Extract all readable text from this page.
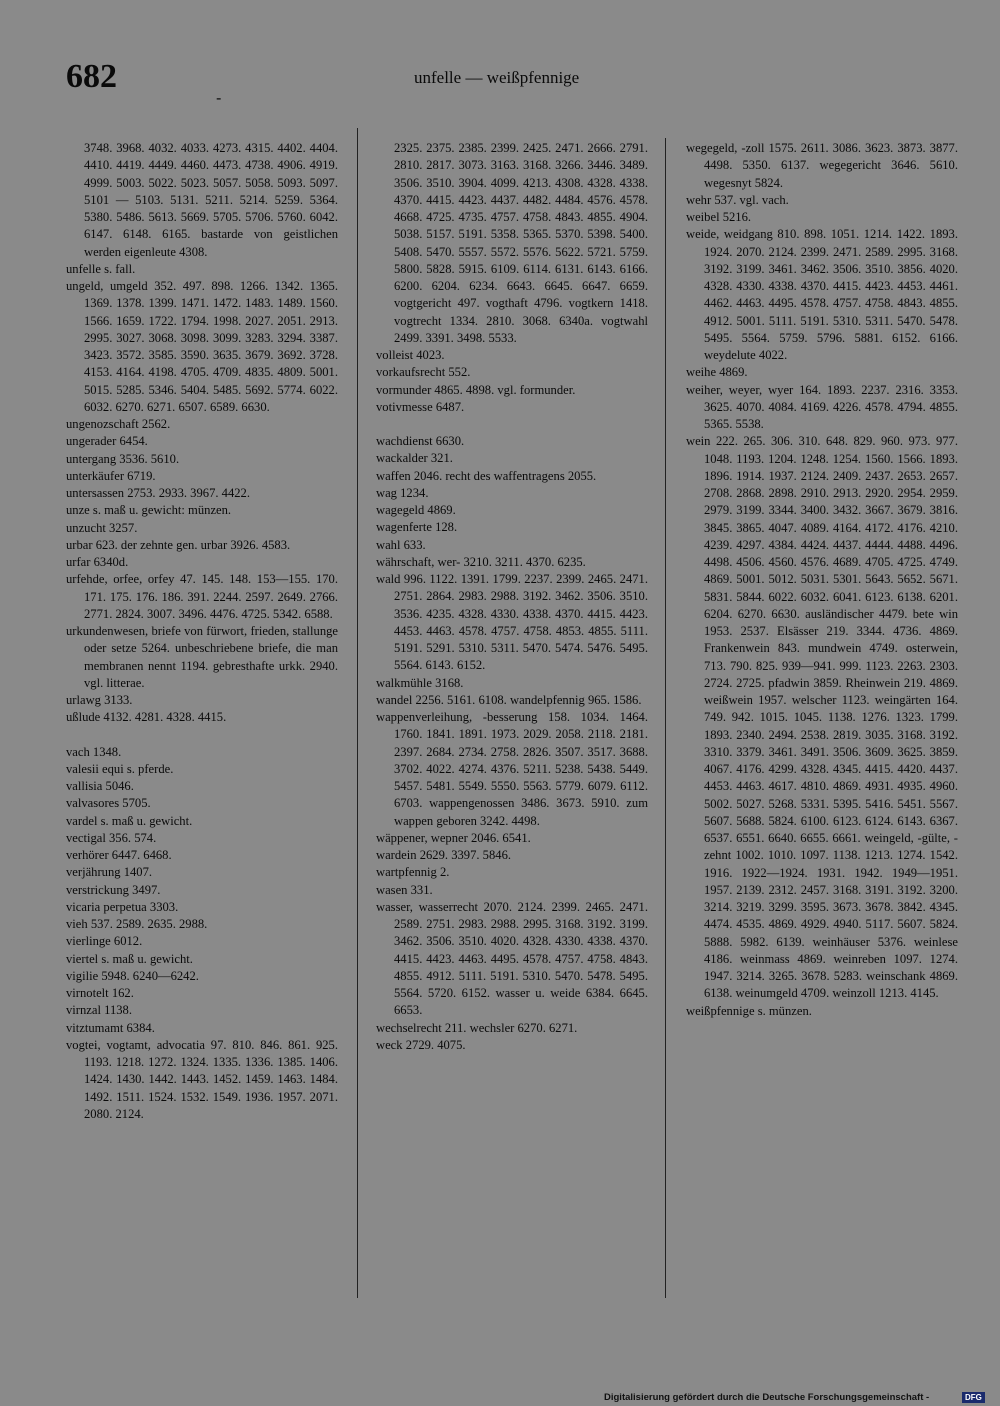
682	unfelle — weißpfennige
-

3748. 3968. 4032. 4033. 4273. 4315. 4402. 4404. 4410. 4419. 4449. 4460. 4473. 4738. 4906. 4919. 4999. 5003. 5022. 5023. 5057. 5058. 5093. 5097. 5101 — 5103. 5131. 5211. 5214. 5259. 5364. 5380. 5486. 5613. 5669. 5705. 5706. 5760. 6042. 6147. 6148. 6165. bastarde von geistlichen werden eigenleute 4308.

unfelle s. fall.

ungeld, umgeld 352. 497. 898. 1266. 1342. 1365. 1369. 1378. 1399. 1471. 1472. 1483. 1489. 1560. 1566. 1659. 1722. 1794. 1998. 2027. 2051. 2913. 2995. 3027. 3068. 3098. 3099. 3283. 3294. 3387. 3423. 3572. 3585. 3590. 3635. 3679. 3692. 3728. 4153. 4164. 4198. 4705. 4709. 4835. 4809. 5001. 5015. 5285. 5346. 5404. 5485. 5692. 5774. 6022. 6032. 6270. 6271. 6507. 6589. 6630.

ungenozschaft 2562.

ungerader 6454.

untergang 3536. 5610.

unterkäufer 6719.

untersassen 2753. 2933. 3967. 4422.

unze s. maß u. gewicht: münzen.

unzucht 3257.

urbar 623. der zehnte gen. urbar 3926. 4583.

urfar 6340d.

urfehde, orfee, orfey 47. 145. 148. 153—155. 170. 171. 175. 176. 186. 391. 2244. 2597. 2649. 2766. 2771. 2824. 3007. 3496. 4476. 4725. 5342. 6588.

urkundenwesen, briefe von fürwort, frieden, stallunge oder setze 5264. unbeschriebene briefe, die man membranen nennt 1194. gebresthafte urkk. 2940. vgl. litterae.

urlawg 3133.

ußlude 4132. 4281. 4328. 4415.

vach 1348.

valesii equi s. pferde.

vallisia 5046.

valvasores 5705.

vardel s. maß u. gewicht.

vectigal 356. 574.

verhörer 6447. 6468.

verjährung 1407.

verstrickung 3497.

vicaria perpetua 3303.

vieh 537. 2589. 2635. 2988.

vierlinge 6012.

viertel s. maß u. gewicht.

vigilie 5948. 6240—6242.

virnotelt 162.

virnzal 1138.

vitztumamt 6384.

vogtei, vogtamt, advocatia 97. 810. 846. 861. 925. 1193. 1218. 1272. 1324. 1335. 1336. 1385. 1406. 1424. 1430. 1442. 1443. 1452. 1459. 1463. 1484. 1492. 1511. 1524. 1532. 1549. 1936. 1957. 2071. 2080. 2124.

2325. 2375. 2385. 2399. 2425. 2471. 2666. 2791. 2810. 2817. 3073. 3163. 3168. 3266. 3446. 3489. 3506. 3510. 3904. 4099. 4213. 4308. 4328. 4338. 4370. 4415. 4423. 4437. 4482. 4484. 4576. 4578. 4668. 4725. 4735. 4757. 4758. 4843. 4855. 4904. 5038. 5157. 5191. 5358. 5365. 5370. 5398. 5400. 5408. 5470. 5557. 5572. 5576. 5622. 5721. 5759. 5800. 5828. 5915. 6109. 6114. 6131. 6143. 6166. 6200. 6204. 6234. 6643. 6645. 6647. 6659. vogtgericht 497. vogthaft 4796. vogtkern 1418. vogtrecht 1334. 2810. 3068. 6340a. vogtwahl 2499. 3391. 3498. 5533.

volleist 4023.

vorkaufsrecht 552.

vormunder 4865. 4898. vgl. formunder.

votivmesse 6487.

wachdienst 6630.

wackalder 321.

waffen 2046. recht des waffentragens 2055.

wag 1234.

wagegeld 4869.

wagenferte 128.

wahl 633.

währschaft, wer- 3210. 3211. 4370. 6235.

wald 996. 1122. 1391. 1799. 2237. 2399. 2465. 2471. 2751. 2864. 2983. 2988. 3192. 3462. 3506. 3510. 3536. 4235. 4328. 4330. 4338. 4370. 4415. 4423. 4453. 4463. 4578. 4757. 4758. 4853. 4855. 5111. 5191. 5291. 5310. 5311. 5470. 5474. 5476. 5495. 5564. 6143. 6152.

walkmühle 3168.

wandel 2256. 5161. 6108. wandelpfennig 965. 1586.

wappenverleihung, -besserung 158. 1034. 1464. 1760. 1841. 1891. 1973. 2029. 2058. 2118. 2181. 2397. 2684. 2734. 2758. 2826. 3507. 3517. 3688. 3702. 4022. 4274. 4376. 5211. 5238. 5438. 5449. 5457. 5481. 5549. 5550. 5563. 5779. 6079. 6112. 6703. wappengenossen 3486. 3673. 5910. zum wappen geboren 3242. 4498.

wäppener, wepner 2046. 6541.

wardein 2629. 3397. 5846.

wartpfennig 2.

wasen 331.

wasser, wasserrecht 2070. 2124. 2399. 2465. 2471. 2589. 2751. 2983. 2988. 2995. 3168. 3192. 3199. 3462. 3506. 3510. 4020. 4328. 4330. 4338. 4370. 4415. 4423. 4463. 4495. 4578. 4757. 4758. 4843. 4855. 4912. 5111. 5191. 5310. 5470. 5478. 5495. 5564. 5720. 6152. wasser u. weide 6384. 6645. 6653.

wechselrecht 211. wechsler 6270. 6271.

weck 2729. 4075.

wegegeld, -zoll 1575. 2611. 3086. 3623. 3873. 3877. 4498. 5350. 6137. wegegericht 3646. 5610. wegesnyt 5824.

wehr 537. vgl. vach.

weibel 5216.

weide, weidgang 810. 898. 1051. 1214. 1422. 1893. 1924. 2070. 2124. 2399. 2471. 2589. 2995. 3168. 3192. 3199. 3461. 3462. 3506. 3510. 3856. 4020. 4328. 4330. 4338. 4370. 4415. 4423. 4453. 4461. 4462. 4463. 4495. 4578. 4757. 4758. 4843. 4855. 4912. 5001. 5111. 5191. 5310. 5311. 5470. 5478. 5495. 5564. 5759. 5796. 5881. 6152. 6166. weydelute 4022.

weihe 4869.

weiher, weyer, wyer 164. 1893. 2237. 2316. 3353. 3625. 4070. 4084. 4169. 4226. 4578. 4794. 4855. 5365. 5538.

wein 222. 265. 306. 310. 648. 829. 960. 973. 977. 1048. 1193. 1204. 1248. 1254. 1560. 1566. 1893. 1896. 1914. 1937. 2124. 2409. 2437. 2653. 2657. 2708. 2868. 2898. 2910. 2913. 2920. 2954. 2959. 2979. 3199. 3344. 3400. 3432. 3667. 3679. 3816. 3845. 3865. 4047. 4089. 4164. 4172. 4176. 4210. 4239. 4297. 4384. 4424. 4437. 4444. 4488. 4496. 4498. 4506. 4560. 4576. 4689. 4705. 4725. 4749. 4869. 5001. 5012. 5031. 5301. 5643. 5652. 5671. 5831. 5844. 6022. 6032. 6041. 6123. 6138. 6201. 6204. 6270. 6630. ausländischer 4479. bete win 1953. 2537. Elsässer 219. 3344. 4736. 4869. Frankenwein 843. mundwein 4749. osterwein, 713. 790. 825. 939—941. 999. 1123. 2263. 2303. 2724. 2725. pfadwin 3859. Rheinwein 219. 4869. weißwein 1957. welscher 1123. weingärten 164. 749. 942. 1015. 1045. 1138. 1276. 1323. 1799. 1893. 2340. 2494. 2538. 2819. 3035. 3168. 3192. 3310. 3379. 3461. 3491. 3506. 3609. 3625. 3859. 4067. 4176. 4299. 4328. 4345. 4415. 4420. 4437. 4453. 4463. 4617. 4810. 4869. 4931. 4935. 4960. 5002. 5027. 5268. 5331. 5395. 5416. 5451. 5567. 5607. 5688. 5824. 6100. 6123. 6124. 6143. 6367. 6537. 6551. 6640. 6655. 6661. weingeld, -gülte, -zehnt 1002. 1010. 1097. 1138. 1213. 1274. 1542. 1916. 1922—1924. 1931. 1942. 1949—1951. 1957. 2139. 2312. 2457. 3168. 3191. 3192. 3200. 3214. 3219. 3299. 3595. 3673. 3678. 3842. 4345. 4474. 4535. 4869. 4929. 4940. 5117. 5607. 5824. 5888. 5982. 6139. weinhäuser 5376. weinlese 4186. weinmass 4869. weinreben 1097. 1274. 1947. 3214. 3265. 3678. 5283. weinschank 4869. 6138. weinumgeld 4709. weinzoll 1213. 4145.

weißpfennige s. münzen.

Digitalisierung gefördert durch die Deutsche Forschungsgemeinschaft -	DFG
